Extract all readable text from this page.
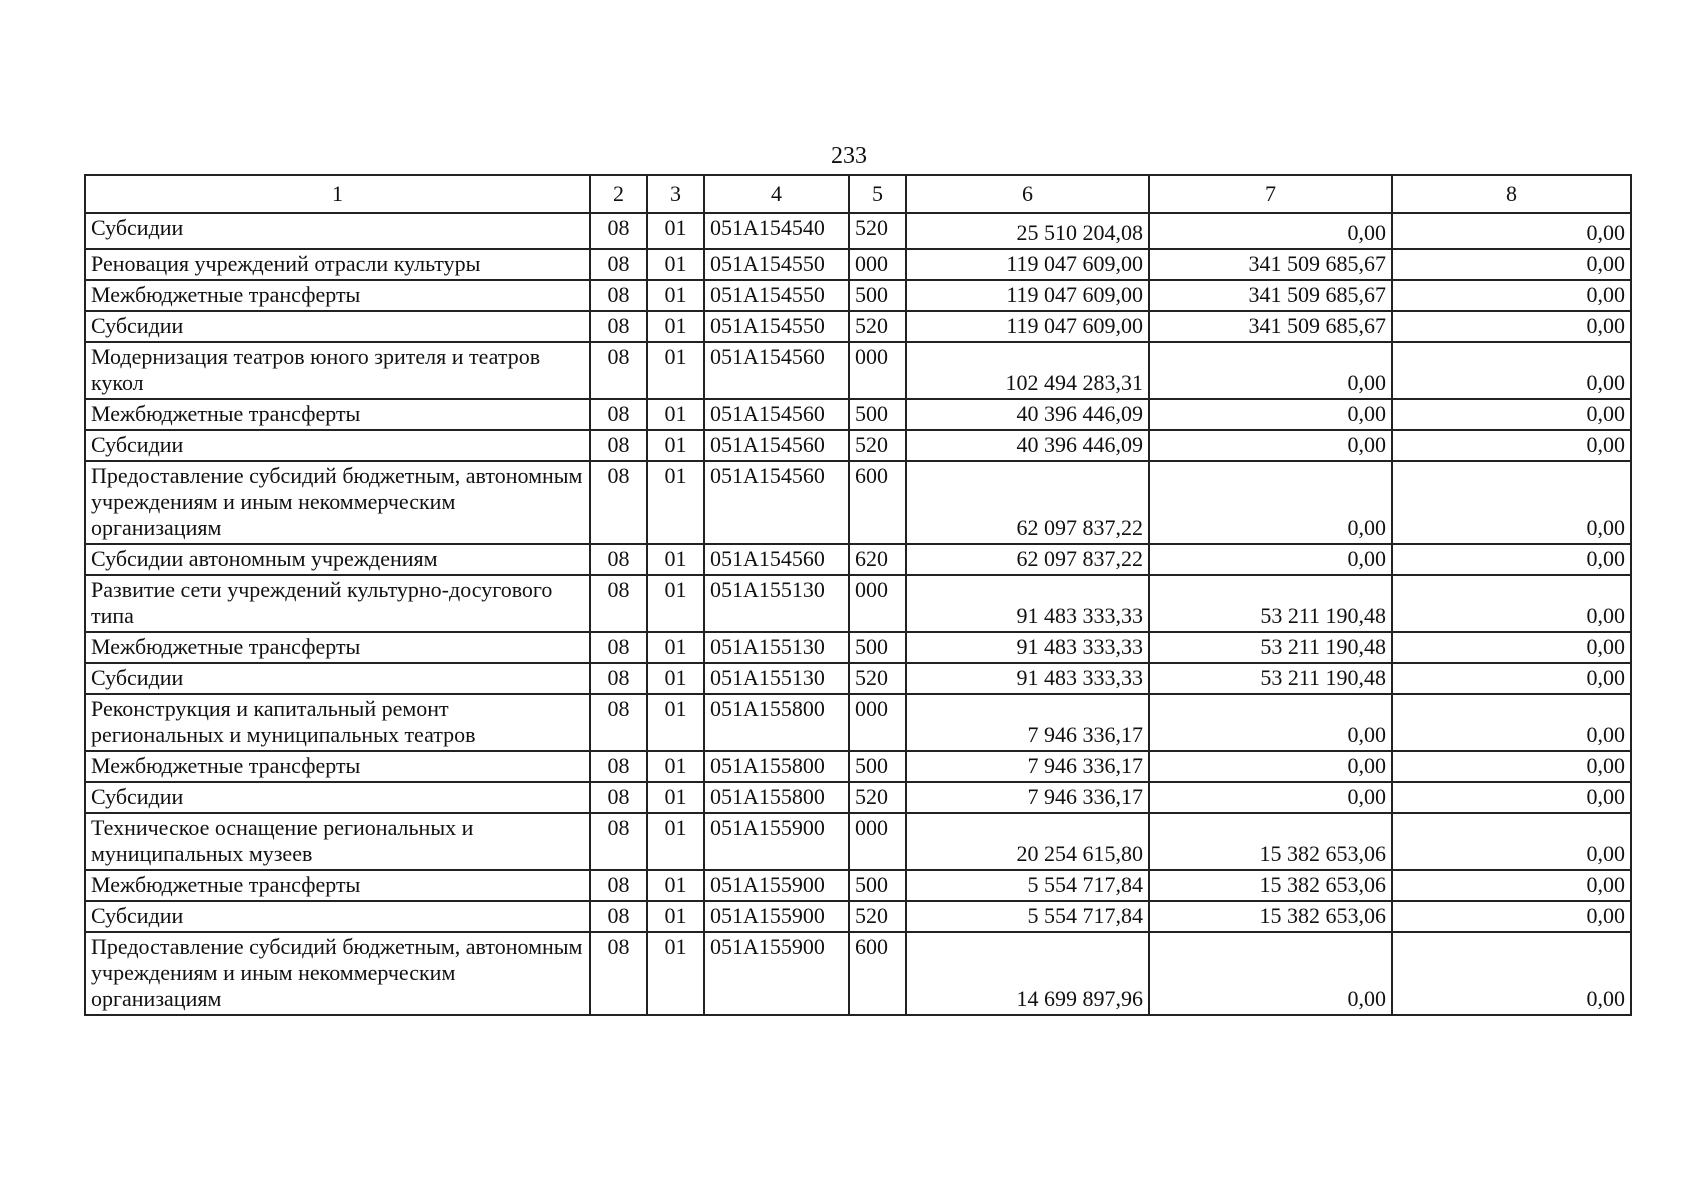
233
1	2	3	4	5	6	7	8
Субсидии	08	01	051A154540	520	25 510 204,08	0,00	0,00
Реновация учреждений отрасли культуры	08	01	051A154550	000	119 047 609,00	341 509 685,67	0,00
Межбюджетные трансферты	08	01	051A154550	500	119 047 609,00	341 509 685,67	0,00
Субсидии	08	01	051A154550	520	119 047 609,00	341 509 685,67	0,00
Модернизация театров юного зрителя и театров кукол	08	01	051A154560	000	102 494 283,31	0,00	0,00
Межбюджетные трансферты	08	01	051A154560	500	40 396 446,09	0,00	0,00
Субсидии	08	01	051A154560	520	40 396 446,09	0,00	0,00
Предоставление субсидий бюджетным, автономным учреждениям и иным некоммерческим организациям	08	01	051A154560	600	62 097 837,22	0,00	0,00
Субсидии автономным учреждениям	08	01	051A154560	620	62 097 837,22	0,00	0,00
Развитие сети учреждений культурно-досугового типа	08	01	051A155130	000	91 483 333,33	53 211 190,48	0,00
Межбюджетные трансферты	08	01	051A155130	500	91 483 333,33	53 211 190,48	0,00
Субсидии	08	01	051A155130	520	91 483 333,33	53 211 190,48	0,00
Реконструкция и капитальный ремонт региональных и муниципальных театров	08	01	051A155800	000	7 946 336,17	0,00	0,00
Межбюджетные трансферты	08	01	051A155800	500	7 946 336,17	0,00	0,00
Субсидии	08	01	051A155800	520	7 946 336,17	0,00	0,00
Техническое оснащение региональных и муниципальных музеев	08	01	051A155900	000	20 254 615,80	15 382 653,06	0,00
Межбюджетные трансферты	08	01	051A155900	500	5 554 717,84	15 382 653,06	0,00
Субсидии	08	01	051A155900	520	5 554 717,84	15 382 653,06	0,00
Предоставление субсидий бюджетным, автономным учреждениям и иным некоммерческим организациям	08	01	051A155900	600	14 699 897,96	0,00	0,00
